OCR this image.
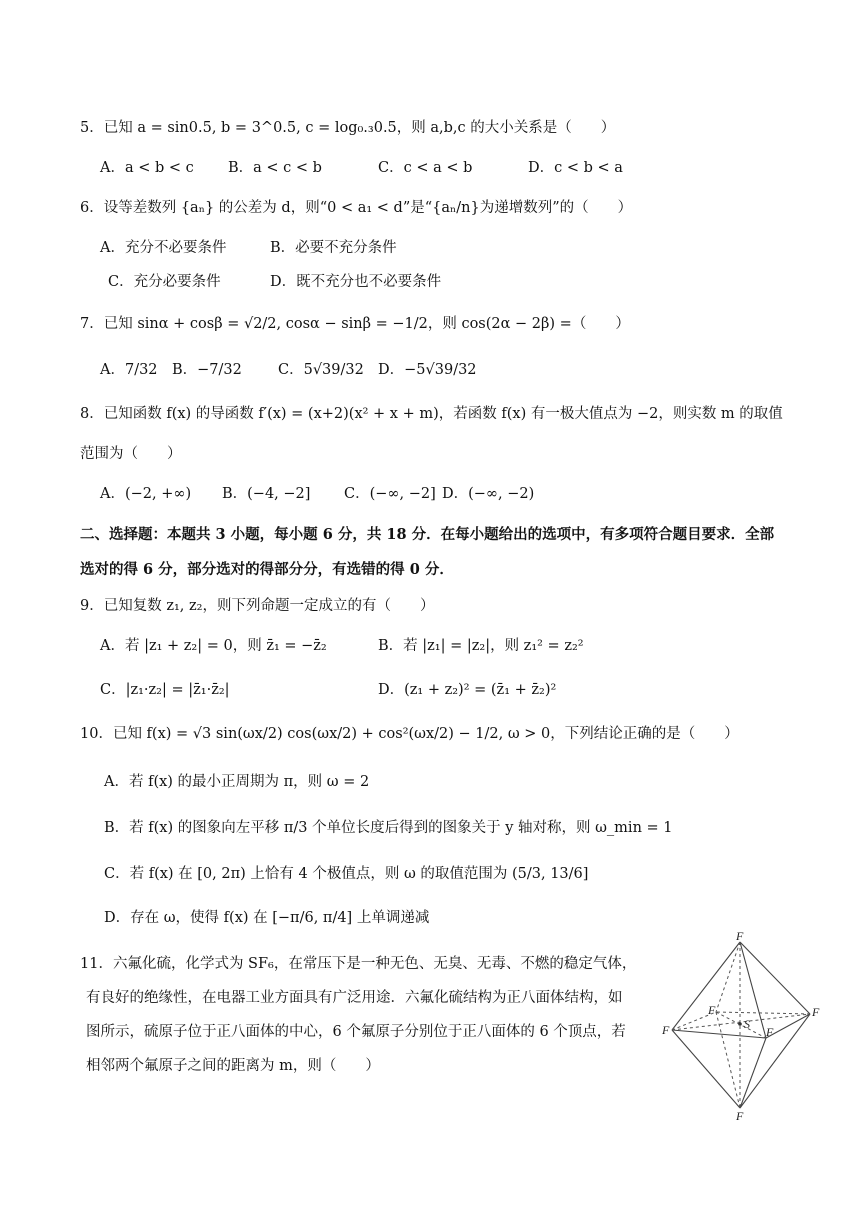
5．已知 a = sin0.5, b = 3^0.5, c = log₀.₃0.5，则 a,b,c 的大小关系是（　　）
A．a < b < c B．a < c < b	C．c < a < b	D．c < b < a
6．设等差数列 {aₙ} 的公差为 d，则“0 < a₁ < d”是“{aₙ/n}为递增数列”的（　　）
A．充分不必要条件	B．必要不充分条件
C．充分必要条件	D．既不充分也不必要条件
7．已知 sinα + cosβ = √2/2, cosα − sinβ = −1/2，则 cos(2α − 2β) =（　　）
A．7/32 B．−7/32 C．5√39/32 D．−5√39/32
8．已知函数 f(x) 的导函数 f′(x) = (x+2)(x² + x + m)，若函数 f(x) 有一极大值点为 −2，则实数 m 的取值
范围为（　　）
A．(−2, +∞) B．(−4, −2] C．(−∞, −2] D．(−∞, −2)
二、选择题：本题共 3 小题，每小题 6 分，共 18 分．在每小题给出的选项中，有多项符合题目要求．全部
选对的得 6 分，部分选对的得部分分，有选错的得 0 分．
9．已知复数 z₁, z₂，则下列命题一定成立的有（　　）
A．若 |z₁ + z₂| = 0，则 z̄₁ = −z̄₂	B．若 |z₁| = |z₂|，则 z₁² = z₂²
C．|z₁·z₂| = |z̄₁·z̄₂|	D．(z₁ + z₂)² = (z̄₁ + z̄₂)²
10．已知 f(x) = √3 sin(ωx/2) cos(ωx/2) + cos²(ωx/2) − 1/2, ω > 0，下列结论正确的是（　　）
A．若 f(x) 的最小正周期为 π，则 ω = 2
B．若 f(x) 的图象向左平移 π/3 个单位长度后得到的图象关于 y 轴对称，则 ω_min = 1
C．若 f(x) 在 [0, 2π) 上恰有 4 个极值点，则 ω 的取值范围为 (5/3, 13/6]
D．存在 ω，使得 f(x) 在 [−π/6, π/4] 上单调递减
11．六氟化硫，化学式为 SF₆，在常压下是一种无色、无臭、无毒、不燃的稳定气体，
有良好的绝缘性，在电器工业方面具有广泛用途．六氟化硫结构为正八面体结构，如
图所示，硫原子位于正八面体的中心，6 个氟原子分别位于正八面体的 6 个顶点，若
相邻两个氟原子之间的距离为 m，则（　　）
F
F
F
F
F
F
S
